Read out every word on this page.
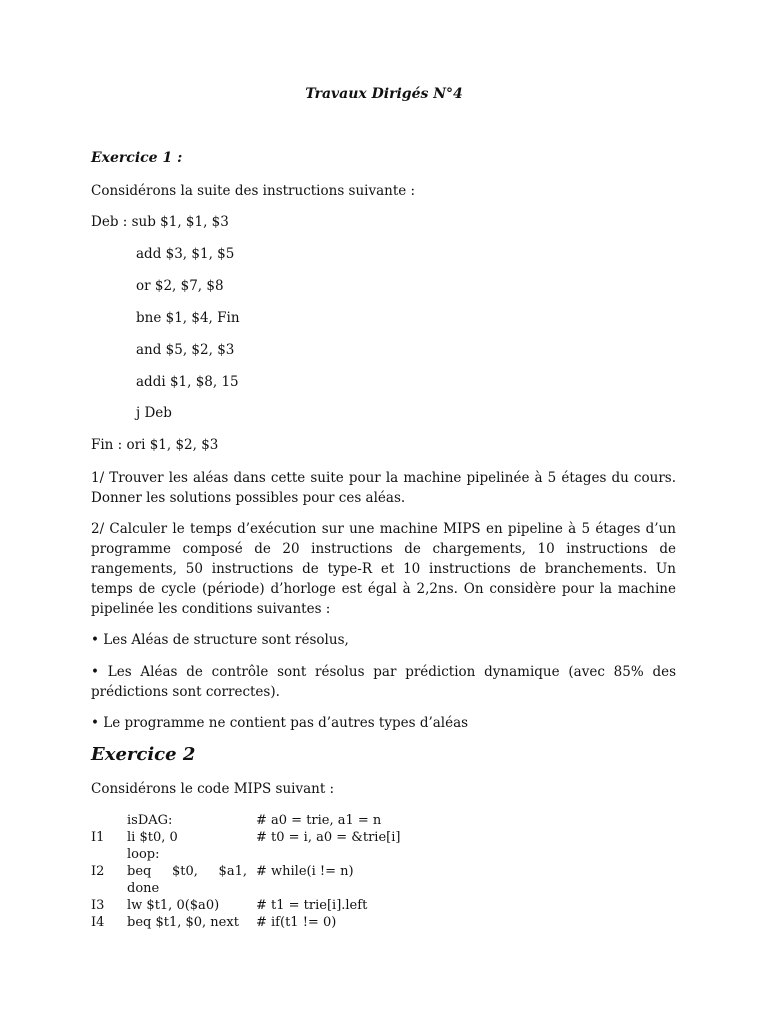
Travaux Dirigés N°4
Exercice 1 :
Considérons la suite des instructions suivante :
Deb : sub $1, $1, $3
add $3, $1, $5
or $2, $7, $8
bne $1, $4, Fin
and $5, $2, $3
addi $1, $8, 15
j Deb
Fin : ori $1, $2, $3
1/ Trouver les aléas dans cette suite pour la machine pipelinée à 5 étages du cours. Donner les solutions possibles pour ces aléas.
2/ Calculer le temps d’exécution sur une machine MIPS en pipeline à 5 étages d’un programme composé de 20 instructions de chargements, 10 instructions de rangements, 50 instructions de type-R et 10 instructions de branchements. Un temps de cycle (période) d’horloge est égal à 2,2ns. On considère pour la machine pipelinée les conditions suivantes :
• Les Aléas de structure sont résolus,
• Les Aléas de contrôle sont résolus par prédiction dynamique (avec 85% des prédictions sont correctes).
• Le programme ne contient pas d’autres types d’aléas
Exercice 2
Considérons le code MIPS suivant :
isDAG:	# a0 = trie, a1 = n
I1 li $t0, 0	# t0 = i, a0 = &trie[i]
loop:
I2 beq     $t0,     $a1, # while(i != n)
done
I3 lw $t1, 0($a0)	# t1 = trie[i].left
I4 beq $t1, $0, next # if(t1 != 0)
